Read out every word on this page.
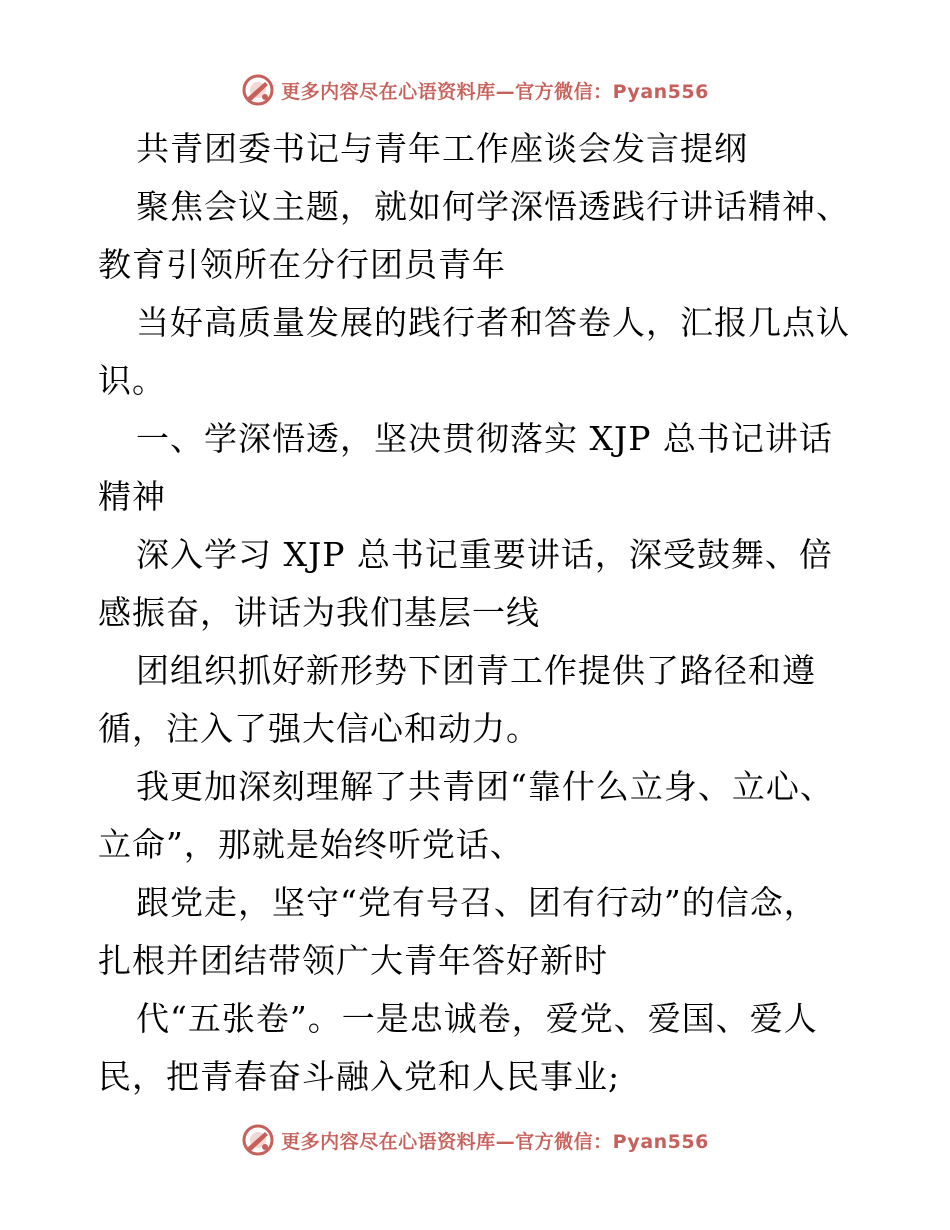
更多内容尽在心语资料库—官方微信：Pyan556
共青团委书记与青年工作座谈会发言提纲
聚焦会议主题，就如何学深悟透践行讲话精神、
教育引领所在分行团员青年
当好高质量发展的践行者和答卷人，汇报几点认
识。
一、学深悟透，坚决贯彻落实 XJP 总书记讲话
精神
深入学习 XJP 总书记重要讲话，深受鼓舞、倍
感振奋，讲话为我们基层一线
团组织抓好新形势下团青工作提供了路径和遵
循，注入了强大信心和动力。
我更加深刻理解了共青团“靠什么立身、立心、
立命”，那就是始终听党话、
跟党走，坚守“党有号召、团有行动”的信念，
扎根并团结带领广大青年答好新时
代“五张卷”。一是忠诚卷，爱党、爱国、爱人
民，把青春奋斗融入党和人民事业;
更多内容尽在心语资料库—官方微信：Pyan556
